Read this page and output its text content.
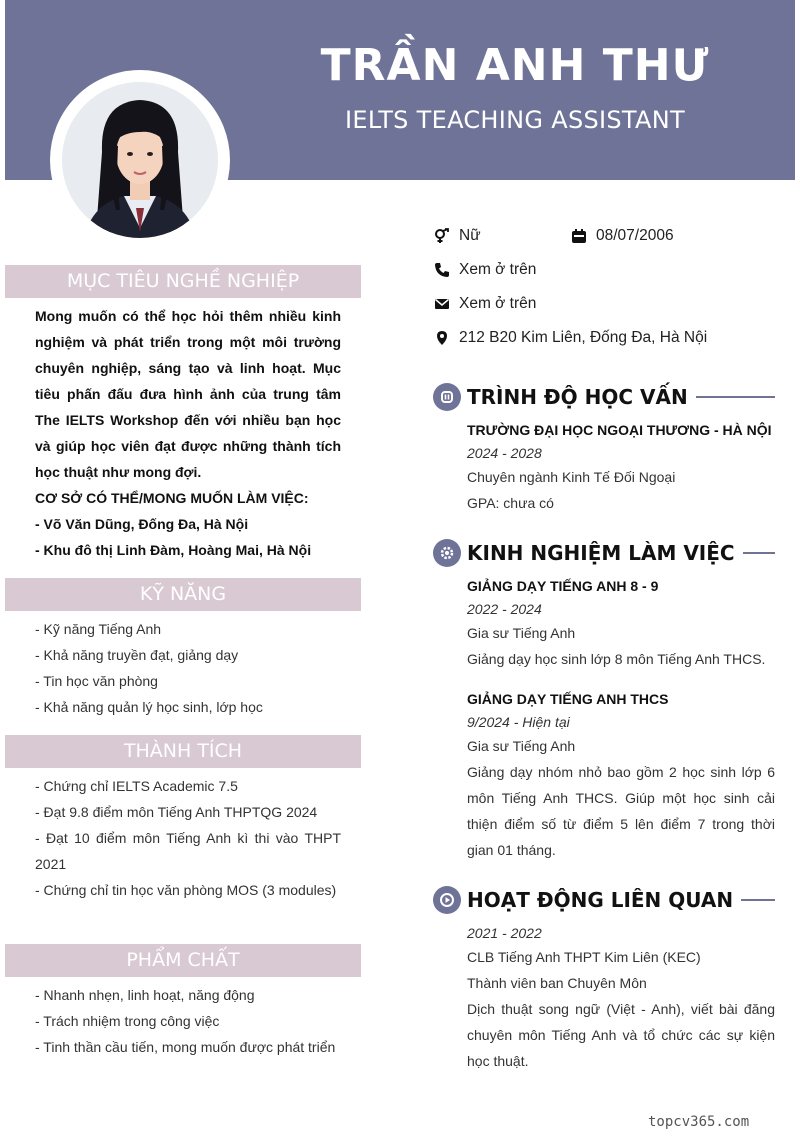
TRẦN ANH THƯ
IELTS TEACHING ASSISTANT
MỤC TIÊU NGHỀ NGHIỆP

Mong muốn có thể học hỏi thêm nhiều kinh nghiệm và phát triển trong một môi trường chuyên nghiệp, sáng tạo và linh hoạt. Mục tiêu phấn đấu đưa hình ảnh của trung tâm The IELTS Workshop đến với nhiều bạn học và giúp học viên đạt được những thành tích học thuật như mong đợi.

CƠ SỞ CÓ THỂ/MONG MUỐN LÀM VIỆC:

- Võ Văn Dũng, Đống Đa, Hà Nội

- Khu đô thị Linh Đàm, Hoàng Mai, Hà Nội

KỸ NĂNG
- Kỹ năng Tiếng Anh
- Khả năng truyền đạt, giảng dạy
- Tin học văn phòng
- Khả năng quản lý học sinh, lớp học
THÀNH TÍCH
- Chứng chỉ IELTS Academic 7.5
- Đạt 9.8 điểm môn Tiếng Anh THPTQG 2024
- Đạt 10 điểm môn Tiếng Anh kì thi vào THPT 2021
- Chứng chỉ tin học văn phòng MOS (3 modules)
PHẨM CHẤT
- Nhanh nhẹn, linh hoạt, năng động
- Trách nhiệm trong công việc
- Tinh thần cầu tiến, mong muốn được phát triển
Nữ	08/07/2006
Xem ở trên
Xem ở trên
212 B20 Kim Liên, Đống Đa, Hà Nội
TRÌNH ĐỘ HỌC VẤN
TRƯỜNG ĐẠI HỌC NGOẠI THƯƠNG - HÀ NỘI
2024 - 2028
Chuyên ngành Kinh Tế Đối Ngoại
GPA: chưa có
KINH NGHIỆM LÀM VIỆC
GIẢNG DẠY TIẾNG ANH 8 - 9
2022 - 2024
Gia sư Tiếng Anh
Giảng dạy học sinh lớp 8 môn Tiếng Anh THCS.
GIẢNG DẠY TIẾNG ANH THCS
9/2024 - Hiện tại
Gia sư Tiếng Anh
Giảng dạy nhóm nhỏ bao gồm 2 học sinh lớp 6 môn Tiếng Anh THCS. Giúp một học sinh cải thiện điểm số từ điểm 5 lên điểm 7 trong thời gian 01 tháng.
HOẠT ĐỘNG LIÊN QUAN
2021 - 2022
CLB Tiếng Anh THPT Kim Liên (KEC)
Thành viên ban Chuyên Môn
Dịch thuật song ngữ (Việt - Anh), viết bài đăng chuyên môn Tiếng Anh và tổ chức các sự kiện học thuật.
topcv365.com
